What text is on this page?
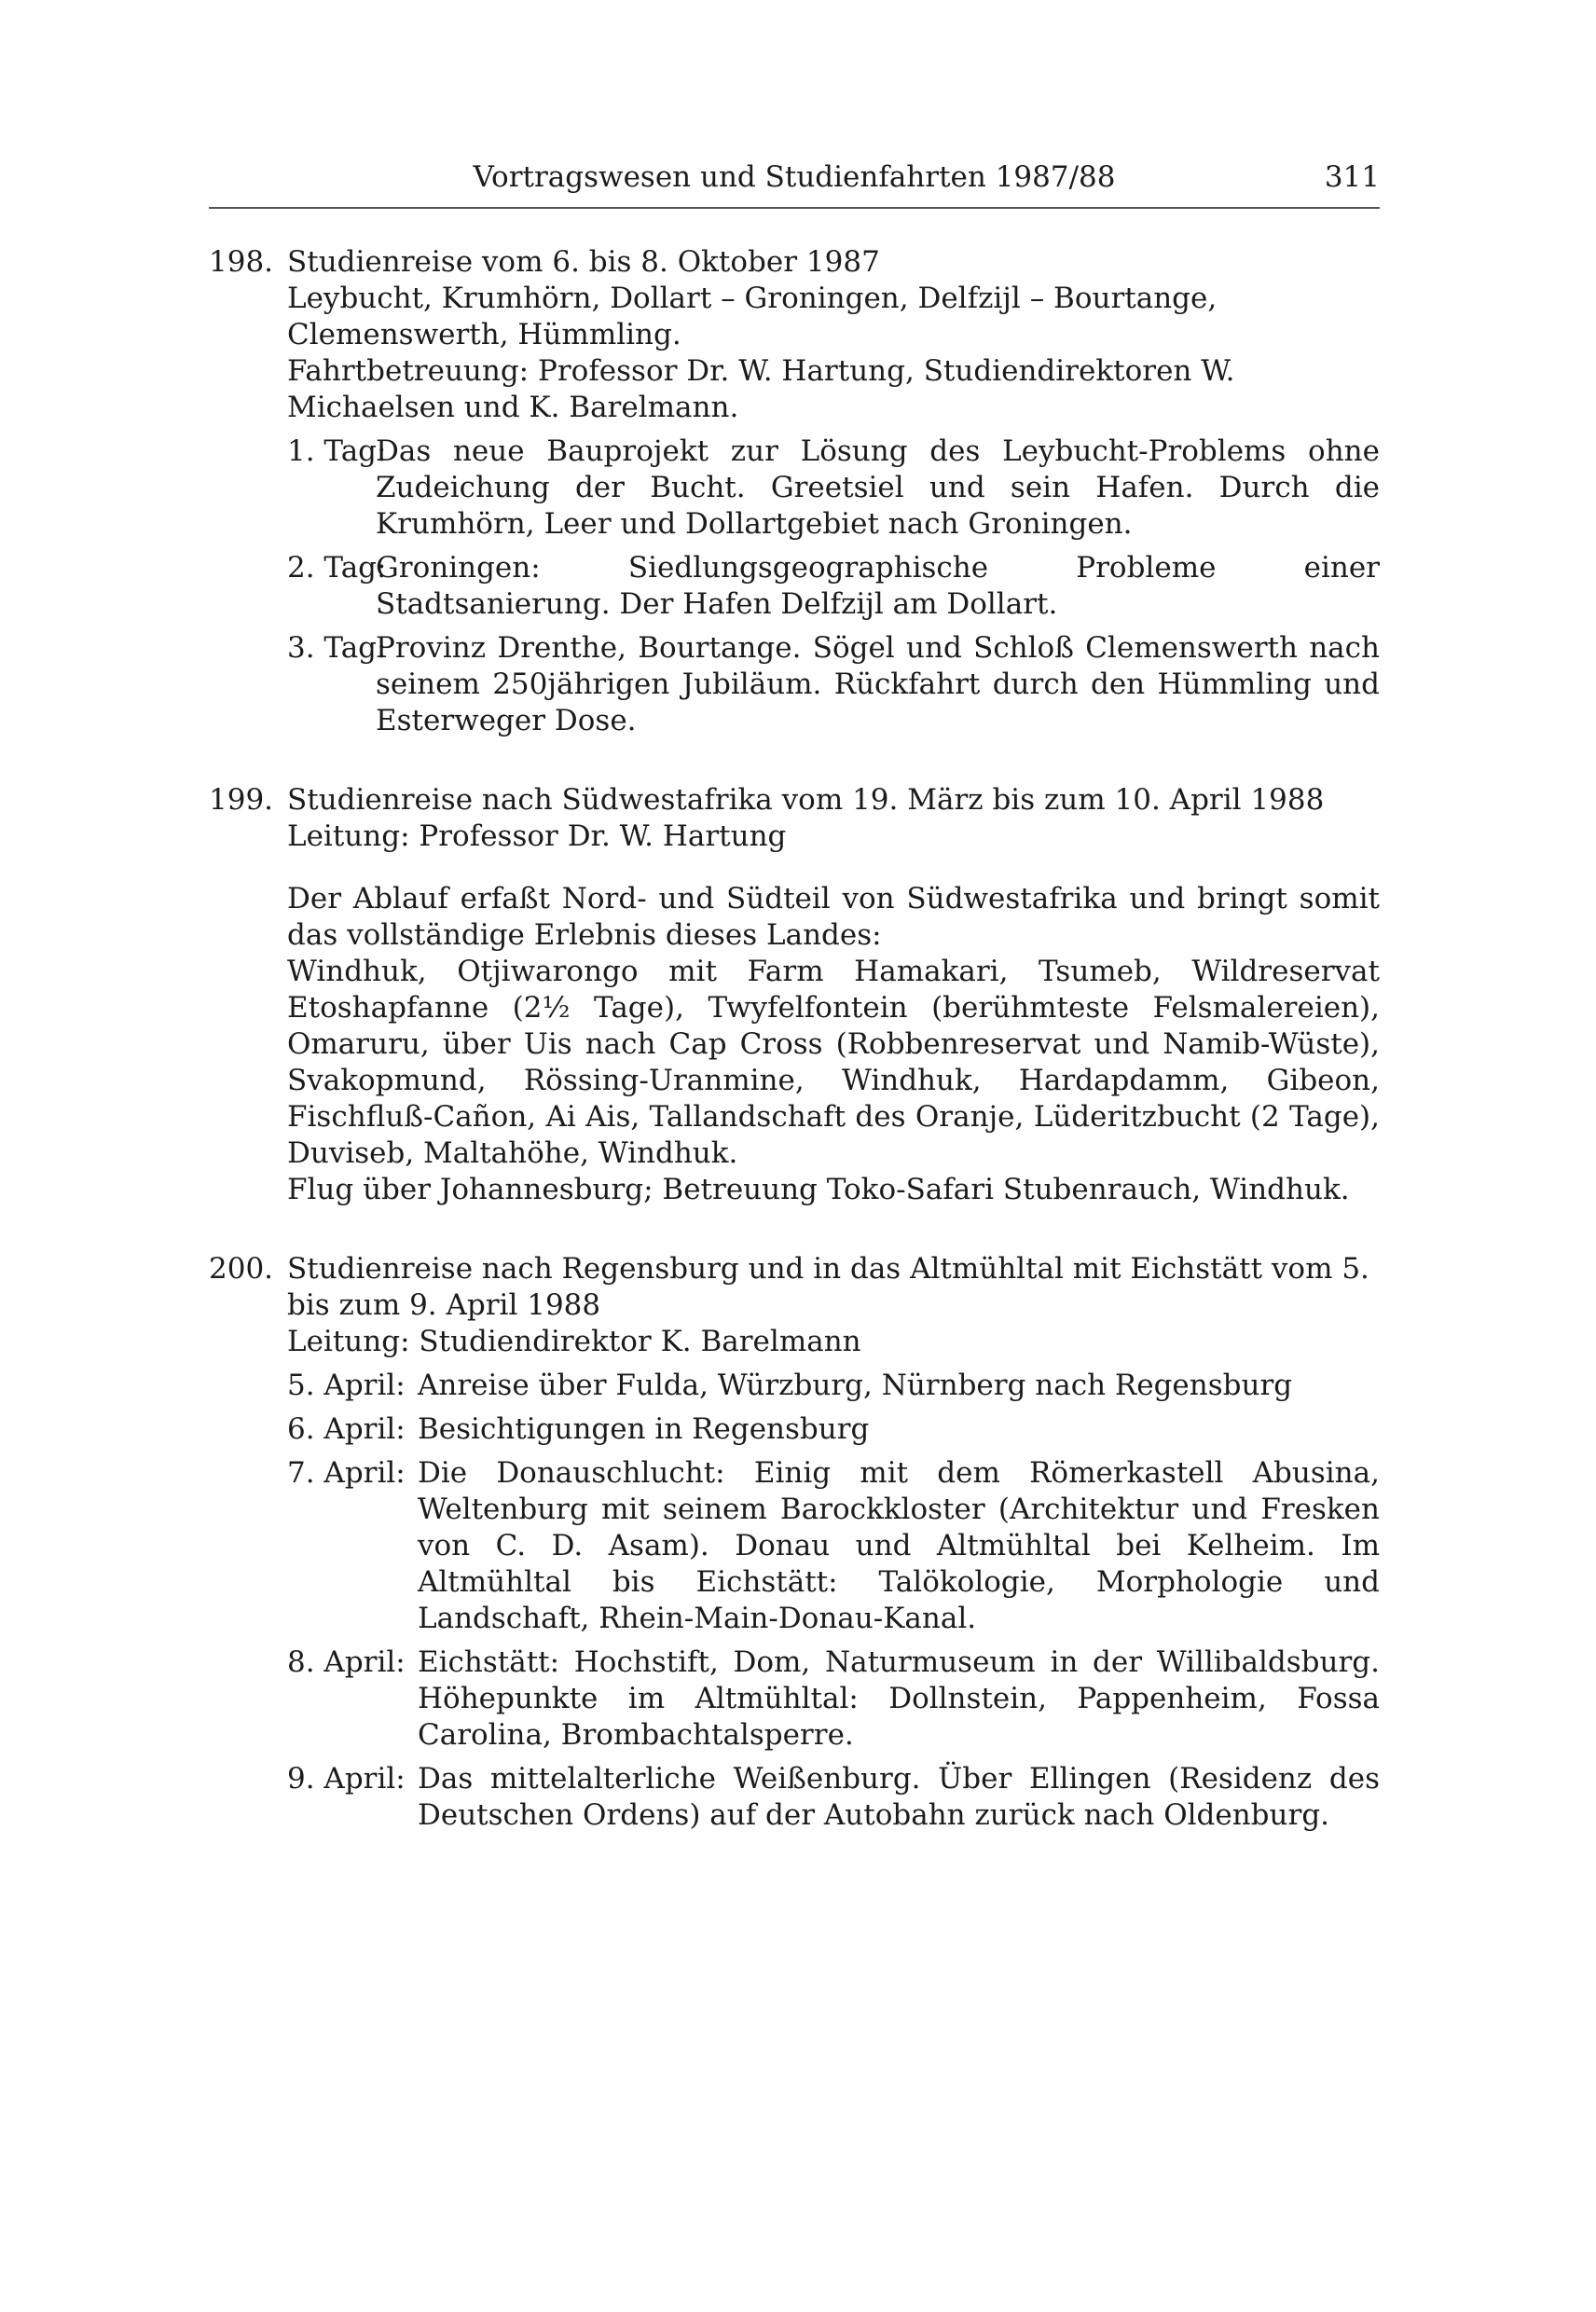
Vortragswesen und Studienfahrten 1987/88	311
198. Studienreise vom 6. bis 8. Oktober 1987

Leybucht, Krumhörn, Dollart – Groningen, Delfzijl – Bourtange, Clemenswerth, Hümmling.

Fahrtbetreuung: Professor Dr. W. Hartung, Studiendirektoren W. Michaelsen und K. Barelmann.

1. Tag:

Das neue Bauprojekt zur Lösung des Leybucht-Problems ohne Zudeichung der Bucht. Greetsiel und sein Hafen. Durch die Krumhörn, Leer und Dollartgebiet nach Groningen.

2. Tag:

Groningen: Siedlungsgeographische Probleme einer Stadtsanierung. Der Hafen Delfzijl am Dollart.

3. Tag:

Provinz Drenthe, Bourtange. Sögel und Schloß Clemenswerth nach seinem 250jährigen Jubiläum. Rückfahrt durch den Hümmling und Esterweger Dose.

199. Studienreise nach Südwestafrika vom 19. März bis zum 10. April 1988

Leitung: Professor Dr. W. Hartung

Der Ablauf erfaßt Nord- und Südteil von Südwestafrika und bringt somit das vollständige Erlebnis dieses Landes:

Windhuk, Otjiwarongo mit Farm Hamakari, Tsumeb, Wildreservat Etoshapfanne (2½ Tage), Twyfelfontein (berühmteste Felsmalereien), Omaruru, über Uis nach Cap Cross (Robbenreservat und Namib-Wüste), Svakopmund, Rössing-Uranmine, Windhuk, Hardapdamm, Gibeon, Fischfluß-Cañon, Ai Ais, Tallandschaft des Oranje, Lüderitzbucht (2 Tage), Duviseb, Maltahöhe, Windhuk.

Flug über Johannesburg; Betreuung Toko-Safari Stubenrauch, Windhuk.

200. Studienreise nach Regensburg und in das Altmühltal mit Eichstätt vom 5. bis zum 9. April 1988

Leitung: Studiendirektor K. Barelmann

5. April: Anreise über Fulda, Würzburg, Nürnberg nach Regensburg

6. April: Besichtigungen in Regensburg

7. April: Die Donauschlucht: Einig mit dem Römerkastell Abusina, Weltenburg mit seinem Barockkloster (Architektur und Fresken von C. D. Asam). Donau und Altmühltal bei Kelheim. Im Altmühltal bis Eichstätt: Talökologie, Morphologie und Landschaft, Rhein-Main-Donau-Kanal.

8. April: Eichstätt: Hochstift, Dom, Naturmuseum in der Willibaldsburg. Höhepunkte im Altmühltal: Dollnstein, Pappenheim, Fossa Carolina, Brombachtalsperre.

9. April: Das mittelalterliche Weißenburg. Über Ellingen (Residenz des Deutschen Ordens) auf der Autobahn zurück nach Oldenburg.
